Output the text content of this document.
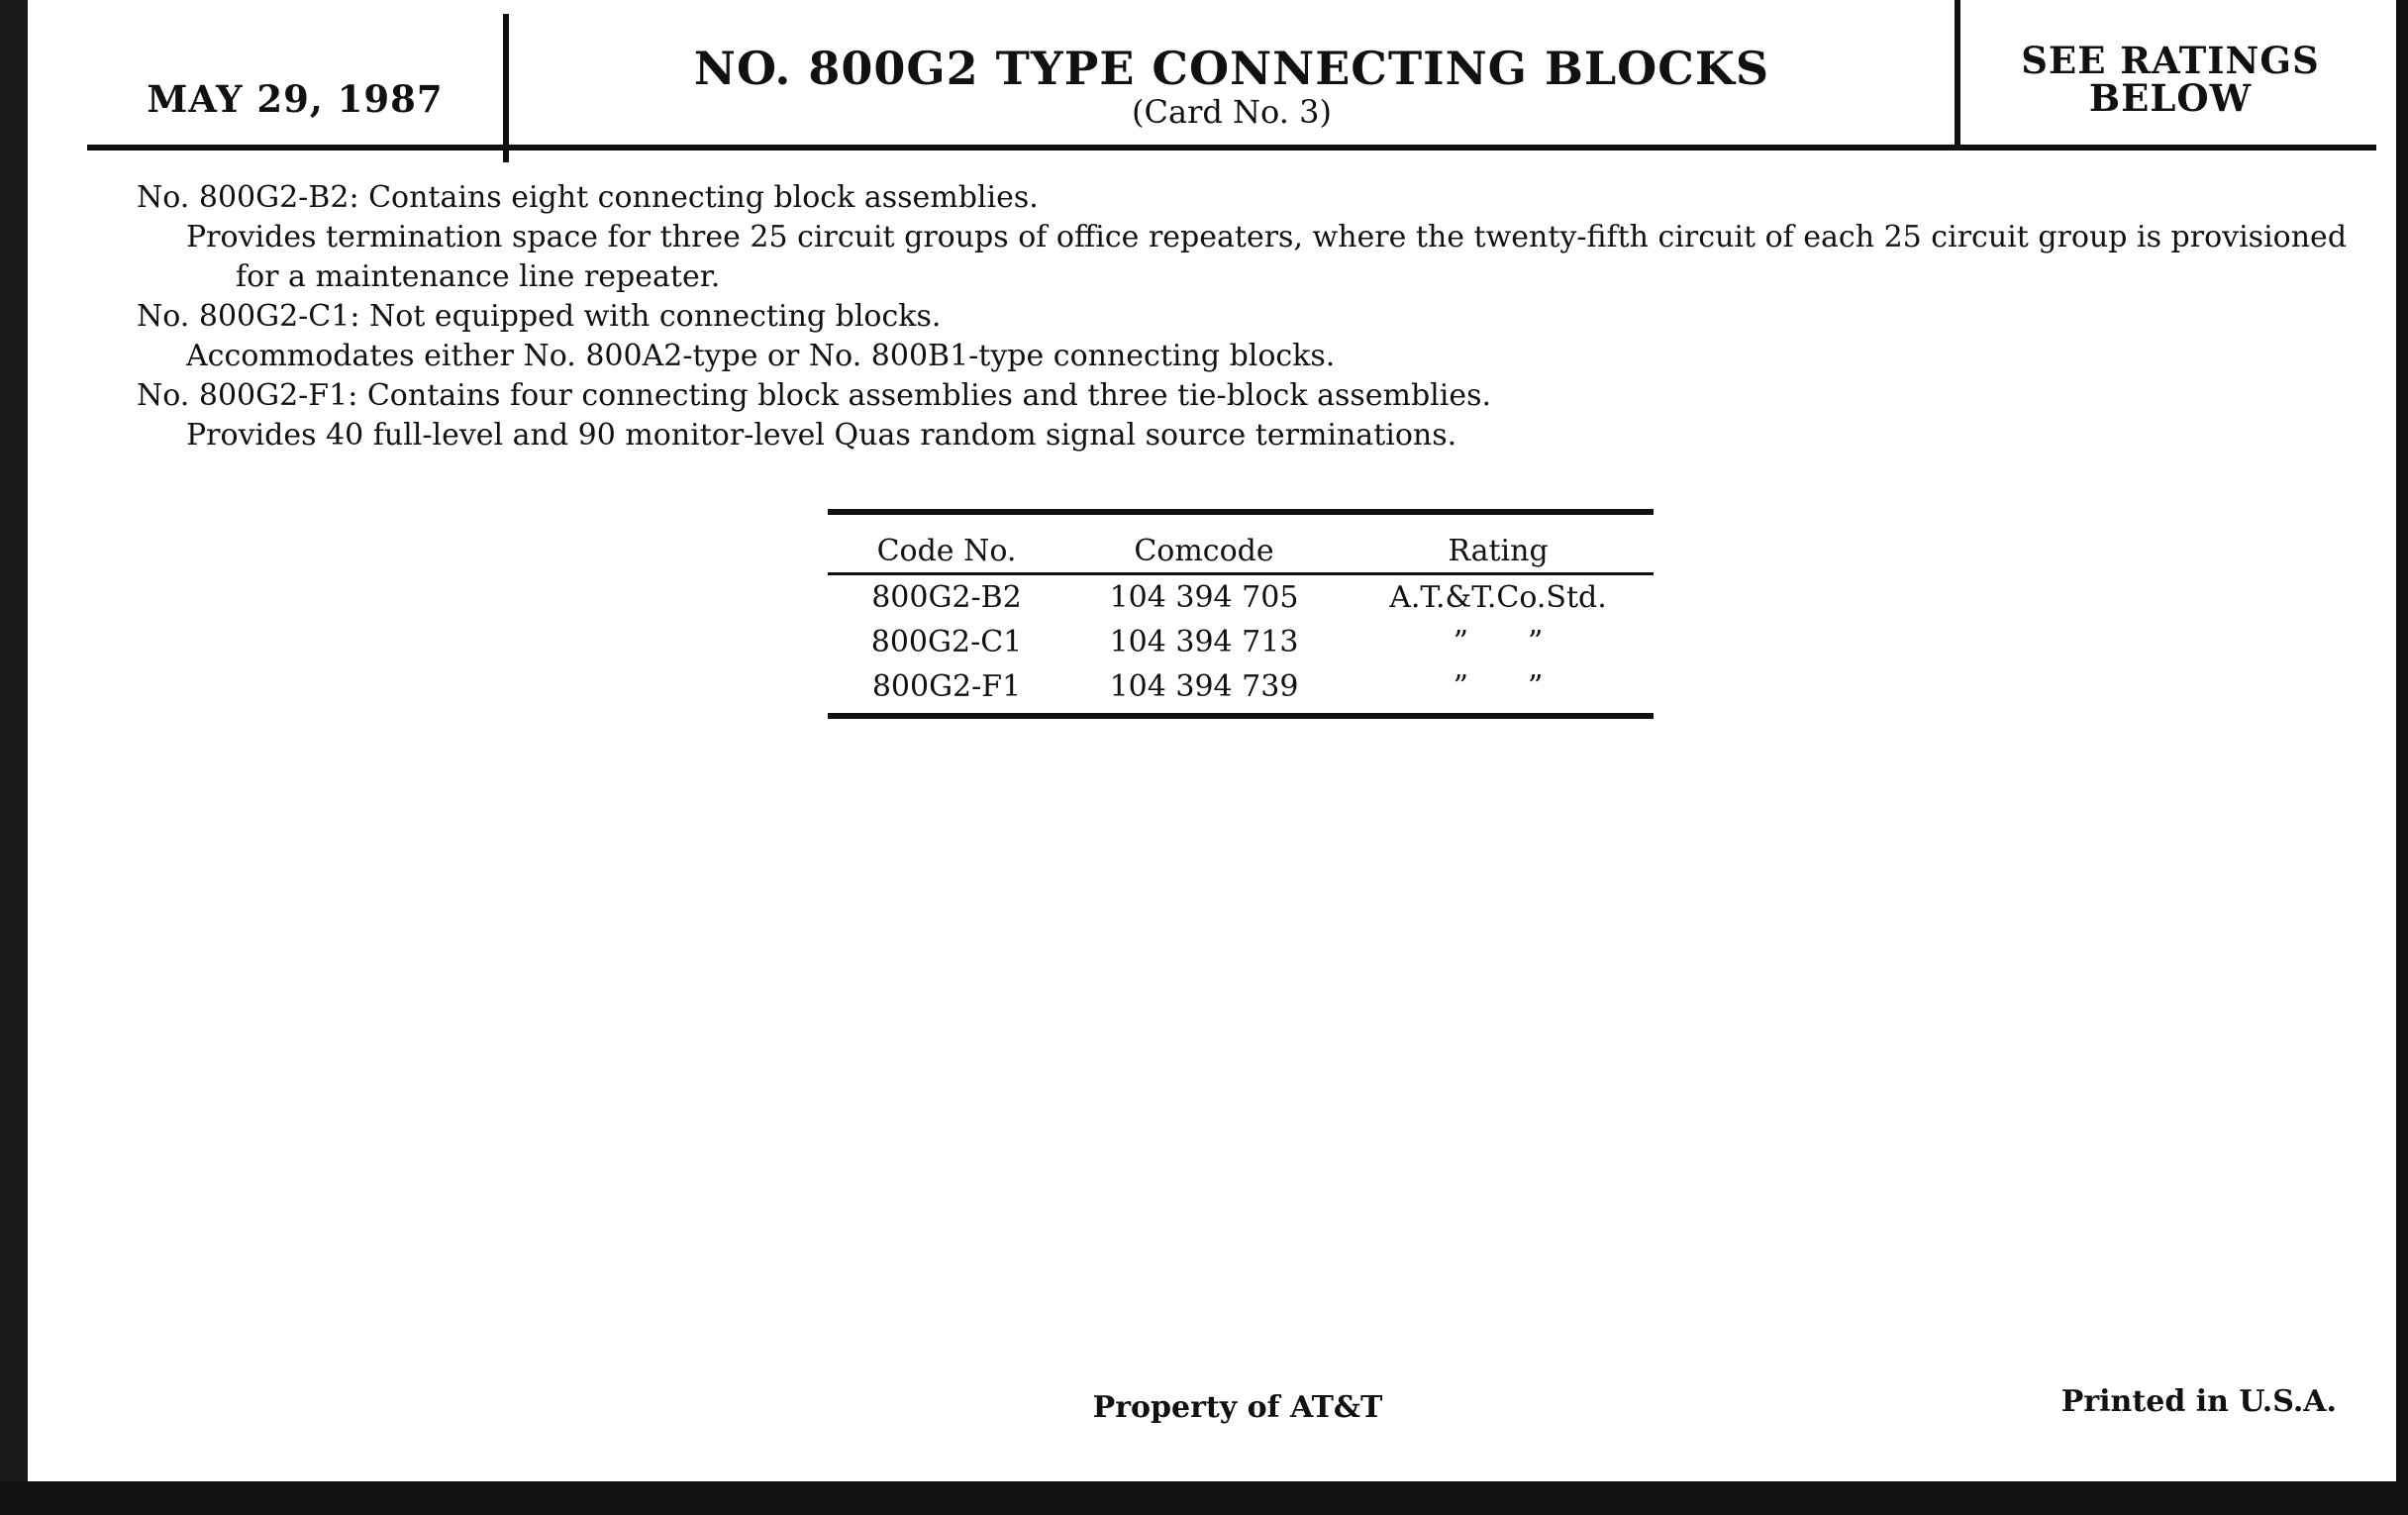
MAY 29, 1987
NO. 800G2 TYPE CONNECTING BLOCKS
(Card No. 3)
SEE RATINGS
BELOW

No. 800G2-B2: Contains eight connecting block assemblies.

Provides termination space for three 25 circuit groups of office repeaters, where the twenty-fifth circuit of each 25 circuit group is provisioned for a maintenance line repeater.

No. 800G2-C1: Not equipped with connecting blocks.

Accommodates either No. 800A2-type or No. 800B1-type connecting blocks.

No. 800G2-F1: Contains four connecting block assemblies and three tie-block assemblies.

Provides 40 full-level and 90 monitor-level Quas random signal source terminations.

Code No.	Comcode	Rating
800G2-B2	104 394 705	A.T.&T.Co.Std.
800G2-C1	104 394 713	”  ”
800G2-F1	104 394 739	”  ”
Property of AT&T	Printed in U.S.A.
